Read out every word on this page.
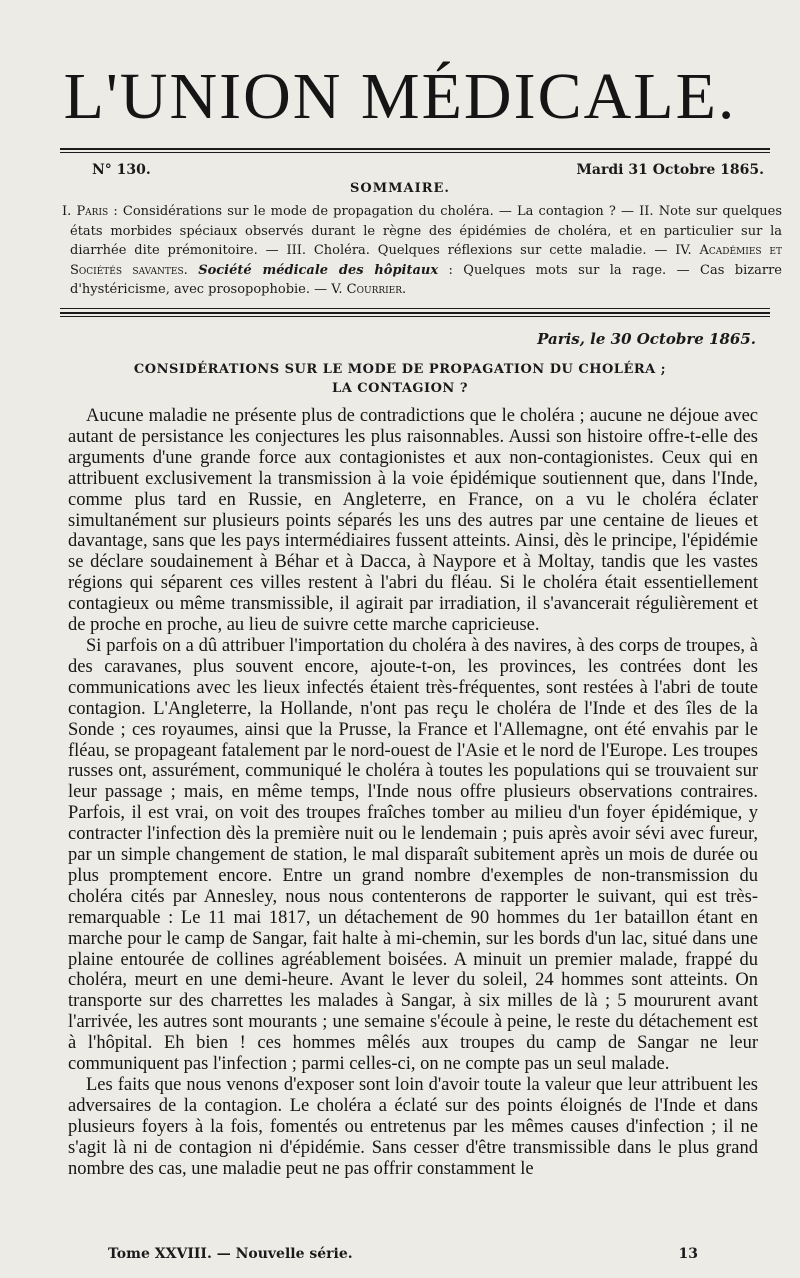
L'UNION MÉDICALE.
N° 130.	Mardi 31 Octobre 1865.
SOMMAIRE.

I. Paris : Considérations sur le mode de propagation du choléra. — La contagion ? — II. Note sur quelques états morbides spéciaux observés durant le règne des épidémies de choléra, et en particulier sur la diarrhée dite prémonitoire. — III. Choléra. Quelques réflexions sur cette maladie. — IV. Académies et Sociétés savantes. Société médicale des hôpitaux : Quelques mots sur la rage. — Cas bizarre d'hystéricisme, avec prosopophobie. — V. Courrier.

Paris, le 30 Octobre 1865.
CONSIDÉRATIONS SUR LE MODE DE PROPAGATION DU CHOLÉRA ;
LA CONTAGION ?

Aucune maladie ne présente plus de contradictions que le choléra ; aucune ne déjoue avec autant de persistance les conjectures les plus raisonnables. Aussi son histoire offre-t-elle des arguments d'une grande force aux contagionistes et aux non-contagionistes. Ceux qui en attribuent exclusivement la transmission à la voie épidémique soutiennent que, dans l'Inde, comme plus tard en Russie, en Angleterre, en France, on a vu le choléra éclater simultanément sur plusieurs points séparés les uns des autres par une centaine de lieues et davantage, sans que les pays intermédiaires fussent atteints. Ainsi, dès le principe, l'épidémie se déclare soudainement à Béhar et à Dacca, à Naypore et à Moltay, tandis que les vastes régions qui séparent ces villes restent à l'abri du fléau. Si le choléra était essentiellement contagieux ou même transmissible, il agirait par irradiation, il s'avancerait régulièrement et de proche en proche, au lieu de suivre cette marche capricieuse.

Si parfois on a dû attribuer l'importation du choléra à des navires, à des corps de troupes, à des caravanes, plus souvent encore, ajoute-t-on, les provinces, les contrées dont les communications avec les lieux infectés étaient très-fréquentes, sont restées à l'abri de toute contagion. L'Angleterre, la Hollande, n'ont pas reçu le choléra de l'Inde et des îles de la Sonde ; ces royaumes, ainsi que la Prusse, la France et l'Allemagne, ont été envahis par le fléau, se propageant fatalement par le nord-ouest de l'Asie et le nord de l'Europe. Les troupes russes ont, assurément, communiqué le choléra à toutes les populations qui se trouvaient sur leur passage ; mais, en même temps, l'Inde nous offre plusieurs observations contraires. Parfois, il est vrai, on voit des troupes fraîches tomber au milieu d'un foyer épidémique, y contracter l'infection dès la première nuit ou le lendemain ; puis après avoir sévi avec fureur, par un simple changement de station, le mal disparaît subitement après un mois de durée ou plus promptement encore. Entre un grand nombre d'exemples de non-transmission du choléra cités par Annesley, nous nous contenterons de rapporter le suivant, qui est très-remarquable : Le 11 mai 1817, un détachement de 90 hommes du 1er bataillon étant en marche pour le camp de Sangar, fait halte à mi-chemin, sur les bords d'un lac, situé dans une plaine entourée de collines agréablement boisées. A minuit un premier malade, frappé du choléra, meurt en une demi-heure. Avant le lever du soleil, 24 hommes sont atteints. On transporte sur des charrettes les malades à Sangar, à six milles de là ; 5 moururent avant l'arrivée, les autres sont mourants ; une semaine s'écoule à peine, le reste du détachement est à l'hôpital. Eh bien ! ces hommes mêlés aux troupes du camp de Sangar ne leur communiquent pas l'infection ; parmi celles-ci, on ne compte pas un seul malade.

Les faits que nous venons d'exposer sont loin d'avoir toute la valeur que leur attribuent les adversaires de la contagion. Le choléra a éclaté sur des points éloignés de l'Inde et dans plusieurs foyers à la fois, fomentés ou entretenus par les mêmes causes d'infection ; il ne s'agit là ni de contagion ni d'épidémie. Sans cesser d'être transmissible dans le plus grand nombre des cas, une maladie peut ne pas offrir constamment le

Tome XXVIII. — Nouvelle série.	13
